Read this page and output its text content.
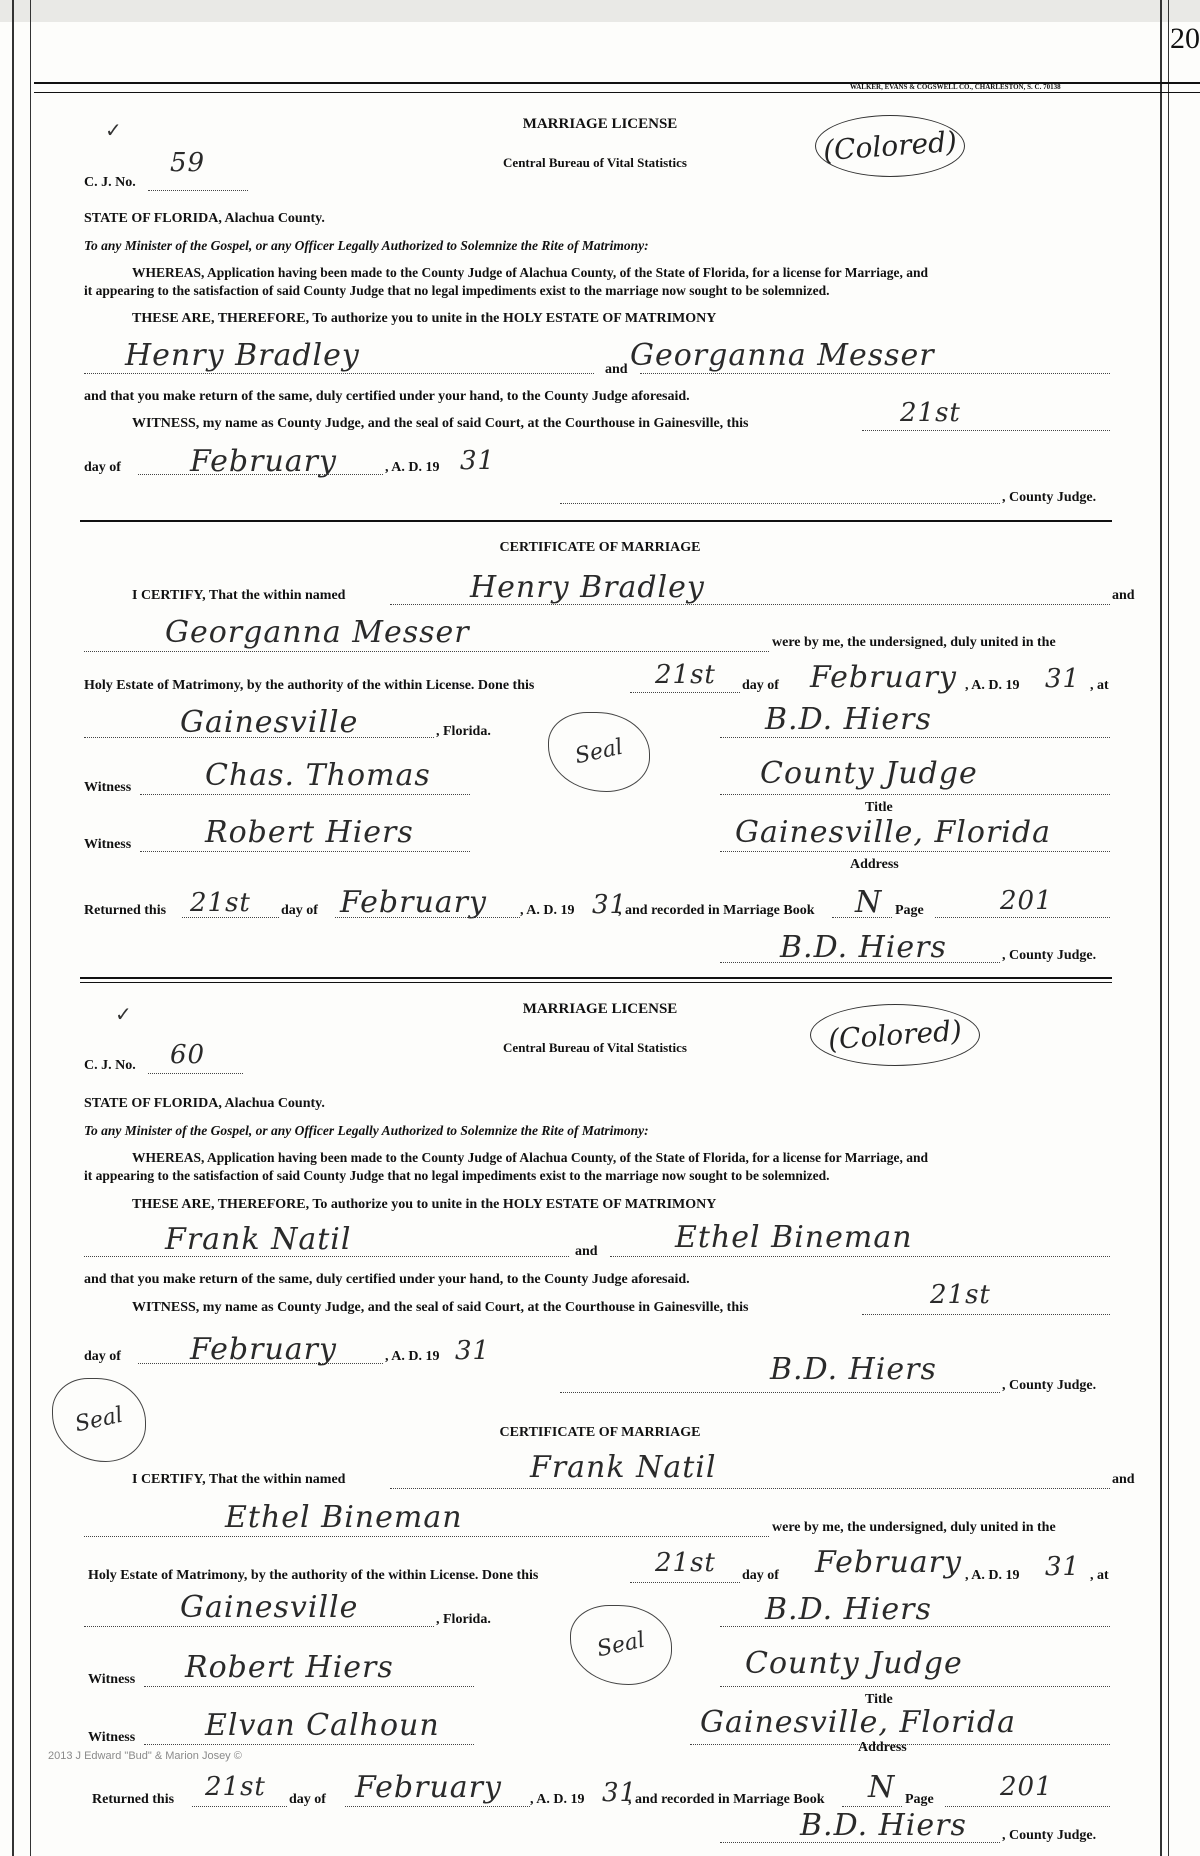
20
WALKER, EVANS & COGSWELL CO., CHARLESTON, S. C. 70138
✓	MARRIAGE LICENSE
Central Bureau of Vital Statistics	(Colored)
C. J. No.
59
STATE OF FLORIDA, Alachua County.
To any Minister of the Gospel, or any Officer Legally Authorized to Solemnize the Rite of Matrimony:
WHEREAS, Application having been made to the County Judge of Alachua County, of the State of Florida, for a license for Marriage, and
it appearing to the satisfaction of said County Judge that no legal impediments exist to the marriage now sought to be solemnized.
THESE ARE, THEREFORE, To authorize you to unite in the HOLY ESTATE OF MATRIMONY
Henry Bradley	and Georganna Messer
and that you make return of the same, duly certified under your hand, to the County Judge aforesaid.
WITNESS, my name as County Judge, and the seal of said Court, at the Courthouse in Gainesville, this	21st
day of February	, A. D. 19 31
, County Judge.
CERTIFICATE OF MARRIAGE
I CERTIFY, That the within named	Henry Bradley	and
Georganna Messer	were by me, the undersigned, duly united in the
Holy Estate of Matrimony, by the authority of the within License. Done this	21st day of February , A. D. 19 31 , at
Gainesville	, Florida.
Seal
B.D. Hiers
Witness Chas. Thomas	County Judge
Title
Witness Robert Hiers	Gainesville, Florida
Address
Returned this 21st day of February , A. D. 19 31
, and recorded in Marriage Book N Page	201
B.D. Hiers	, County Judge.
✓	MARRIAGE LICENSE
Central Bureau of Vital Statistics	(Colored)
C. J. No. 60
STATE OF FLORIDA, Alachua County.
To any Minister of the Gospel, or any Officer Legally Authorized to Solemnize the Rite of Matrimony:
WHEREAS, Application having been made to the County Judge of Alachua County, of the State of Florida, for a license for Marriage, and
it appearing to the satisfaction of said County Judge that no legal impediments exist to the marriage now sought to be solemnized.
THESE ARE, THEREFORE, To authorize you to unite in the HOLY ESTATE OF MATRIMONY
Frank Natil	and	Ethel Bineman
and that you make return of the same, duly certified under your hand, to the County Judge aforesaid.
WITNESS, my name as County Judge, and the seal of said Court, at the Courthouse in Gainesville, this	21st
day of February	, A. D. 19 31
Seal
B.D. Hiers	, County Judge.
CERTIFICATE OF MARRIAGE
I CERTIFY, That the within named	Frank Natil	and
Ethel Bineman	were by me, the undersigned, duly united in the
Holy Estate of Matrimony, by the authority of the within License. Done this	21st day of February , A. D. 19 31 , at
Gainesville	, Florida.
Seal
B.D. Hiers
Witness Robert Hiers	County Judge
Title
Witness Elvan Calhoun	Gainesville, Florida
Address
2013 J Edward "Bud" & Marion Josey ©
Returned this 21st day of February , A. D. 19 31
, and recorded in Marriage Book N Page	201
B.D. Hiers	, County Judge.
